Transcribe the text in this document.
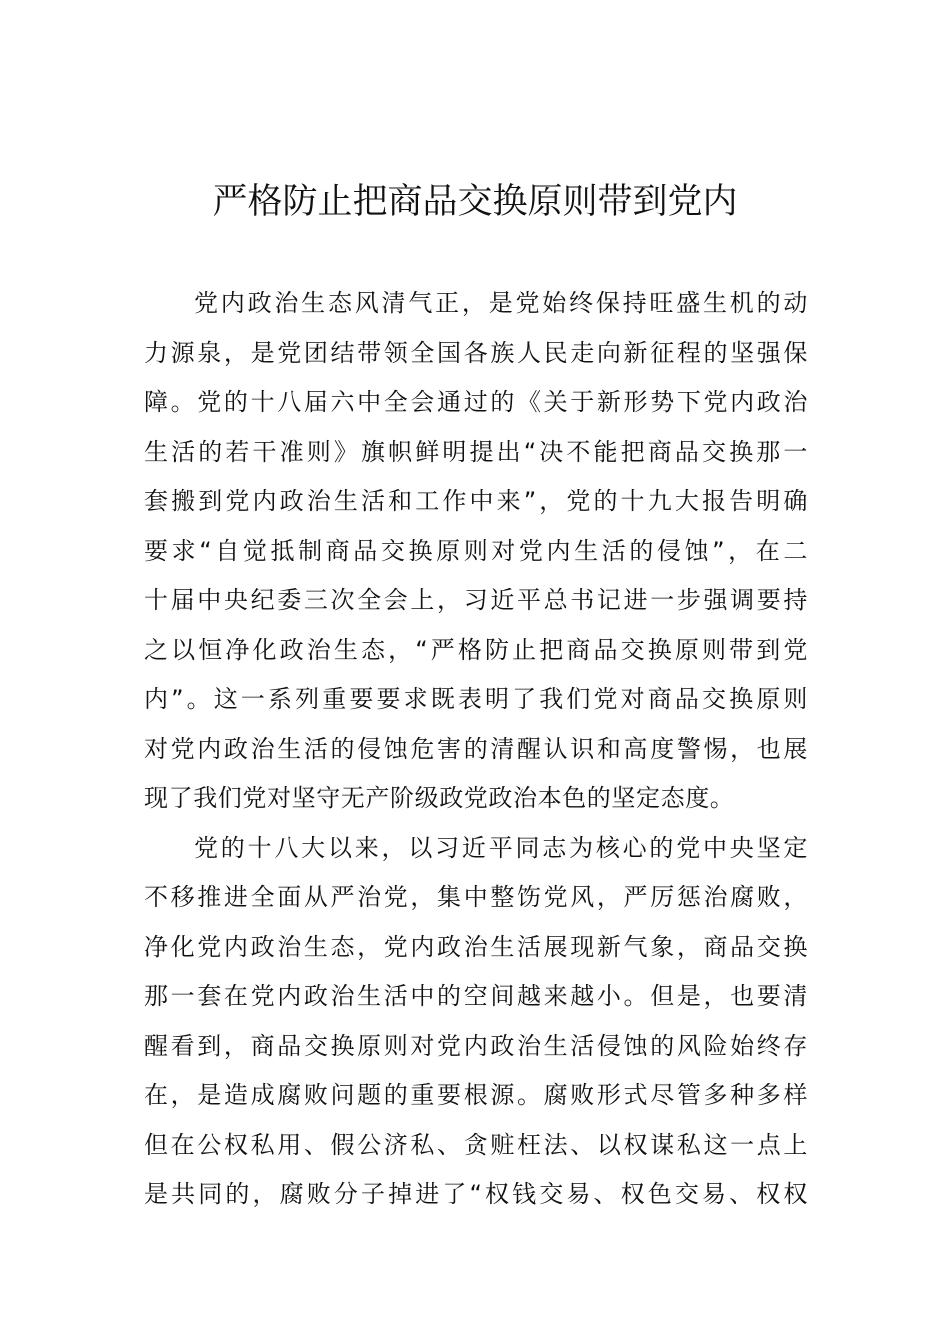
严格防止把商品交换原则带到党内
党内政治生态风清气正，是党始终保持旺盛生机的动
力源泉，是党团结带领全国各族人民走向新征程的坚强保
障。党的十八届六中全会通过的《关于新形势下党内政治
生活的若干准则》旗帜鲜明提出“决不能把商品交换那一
套搬到党内政治生活和工作中来”，党的十九大报告明确
要求“自觉抵制商品交换原则对党内生活的侵蚀”，在二
十届中央纪委三次全会上，习近平总书记进一步强调要持
之以恒净化政治生态，“严格防止把商品交换原则带到党
内”。这一系列重要要求既表明了我们党对商品交换原则
对党内政治生活的侵蚀危害的清醒认识和高度警惕，也展
现了我们党对坚守无产阶级政党政治本色的坚定态度。
党的十八大以来，以习近平同志为核心的党中央坚定
不移推进全面从严治党，集中整饬党风，严厉惩治腐败，
净化党内政治生态，党内政治生活展现新气象，商品交换
那一套在党内政治生活中的空间越来越小。但是，也要清
醒看到，商品交换原则对党内政治生活侵蚀的风险始终存
在，是造成腐败问题的重要根源。腐败形式尽管多种多样
但在公权私用、假公济私、贪赃枉法、以权谋私这一点上
是共同的，腐败分子掉进了“权钱交易、权色交易、权权
